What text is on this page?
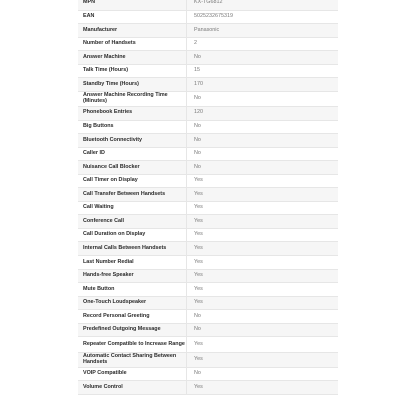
MPN	KX-TG6812
EAN	5025232675319
Manufacturer	Panasonic
Number of Handsets	2
Answer Machine	No
Talk Time (Hours)	15
Standby Time (Hours)	170
Answer Machine Recording Time (Minutes)	No
Phonebook Entries	120
Big Buttons	No
Bluetooth Connectivity	No
Caller ID	No
Nuisance Call Blocker	No
Call Timer on Display	Yes
Call Transfer Between Handsets	Yes
Call Waiting	Yes
Conference Call	Yes
Call Duration on Display	Yes
Internal Calls Between Handsets	Yes
Last Number Redial	Yes
Hands-free Speaker	Yes
Mute Button	Yes
One-Touch Loudspeaker	Yes
Record Personal Greeting	No
Predefined Outgoing Message	No
Repeater Compatible to Increase Range	Yes
Automatic Contact Sharing Between Handsets	Yes
VOIP Compatible	No
Volume Control	Yes
